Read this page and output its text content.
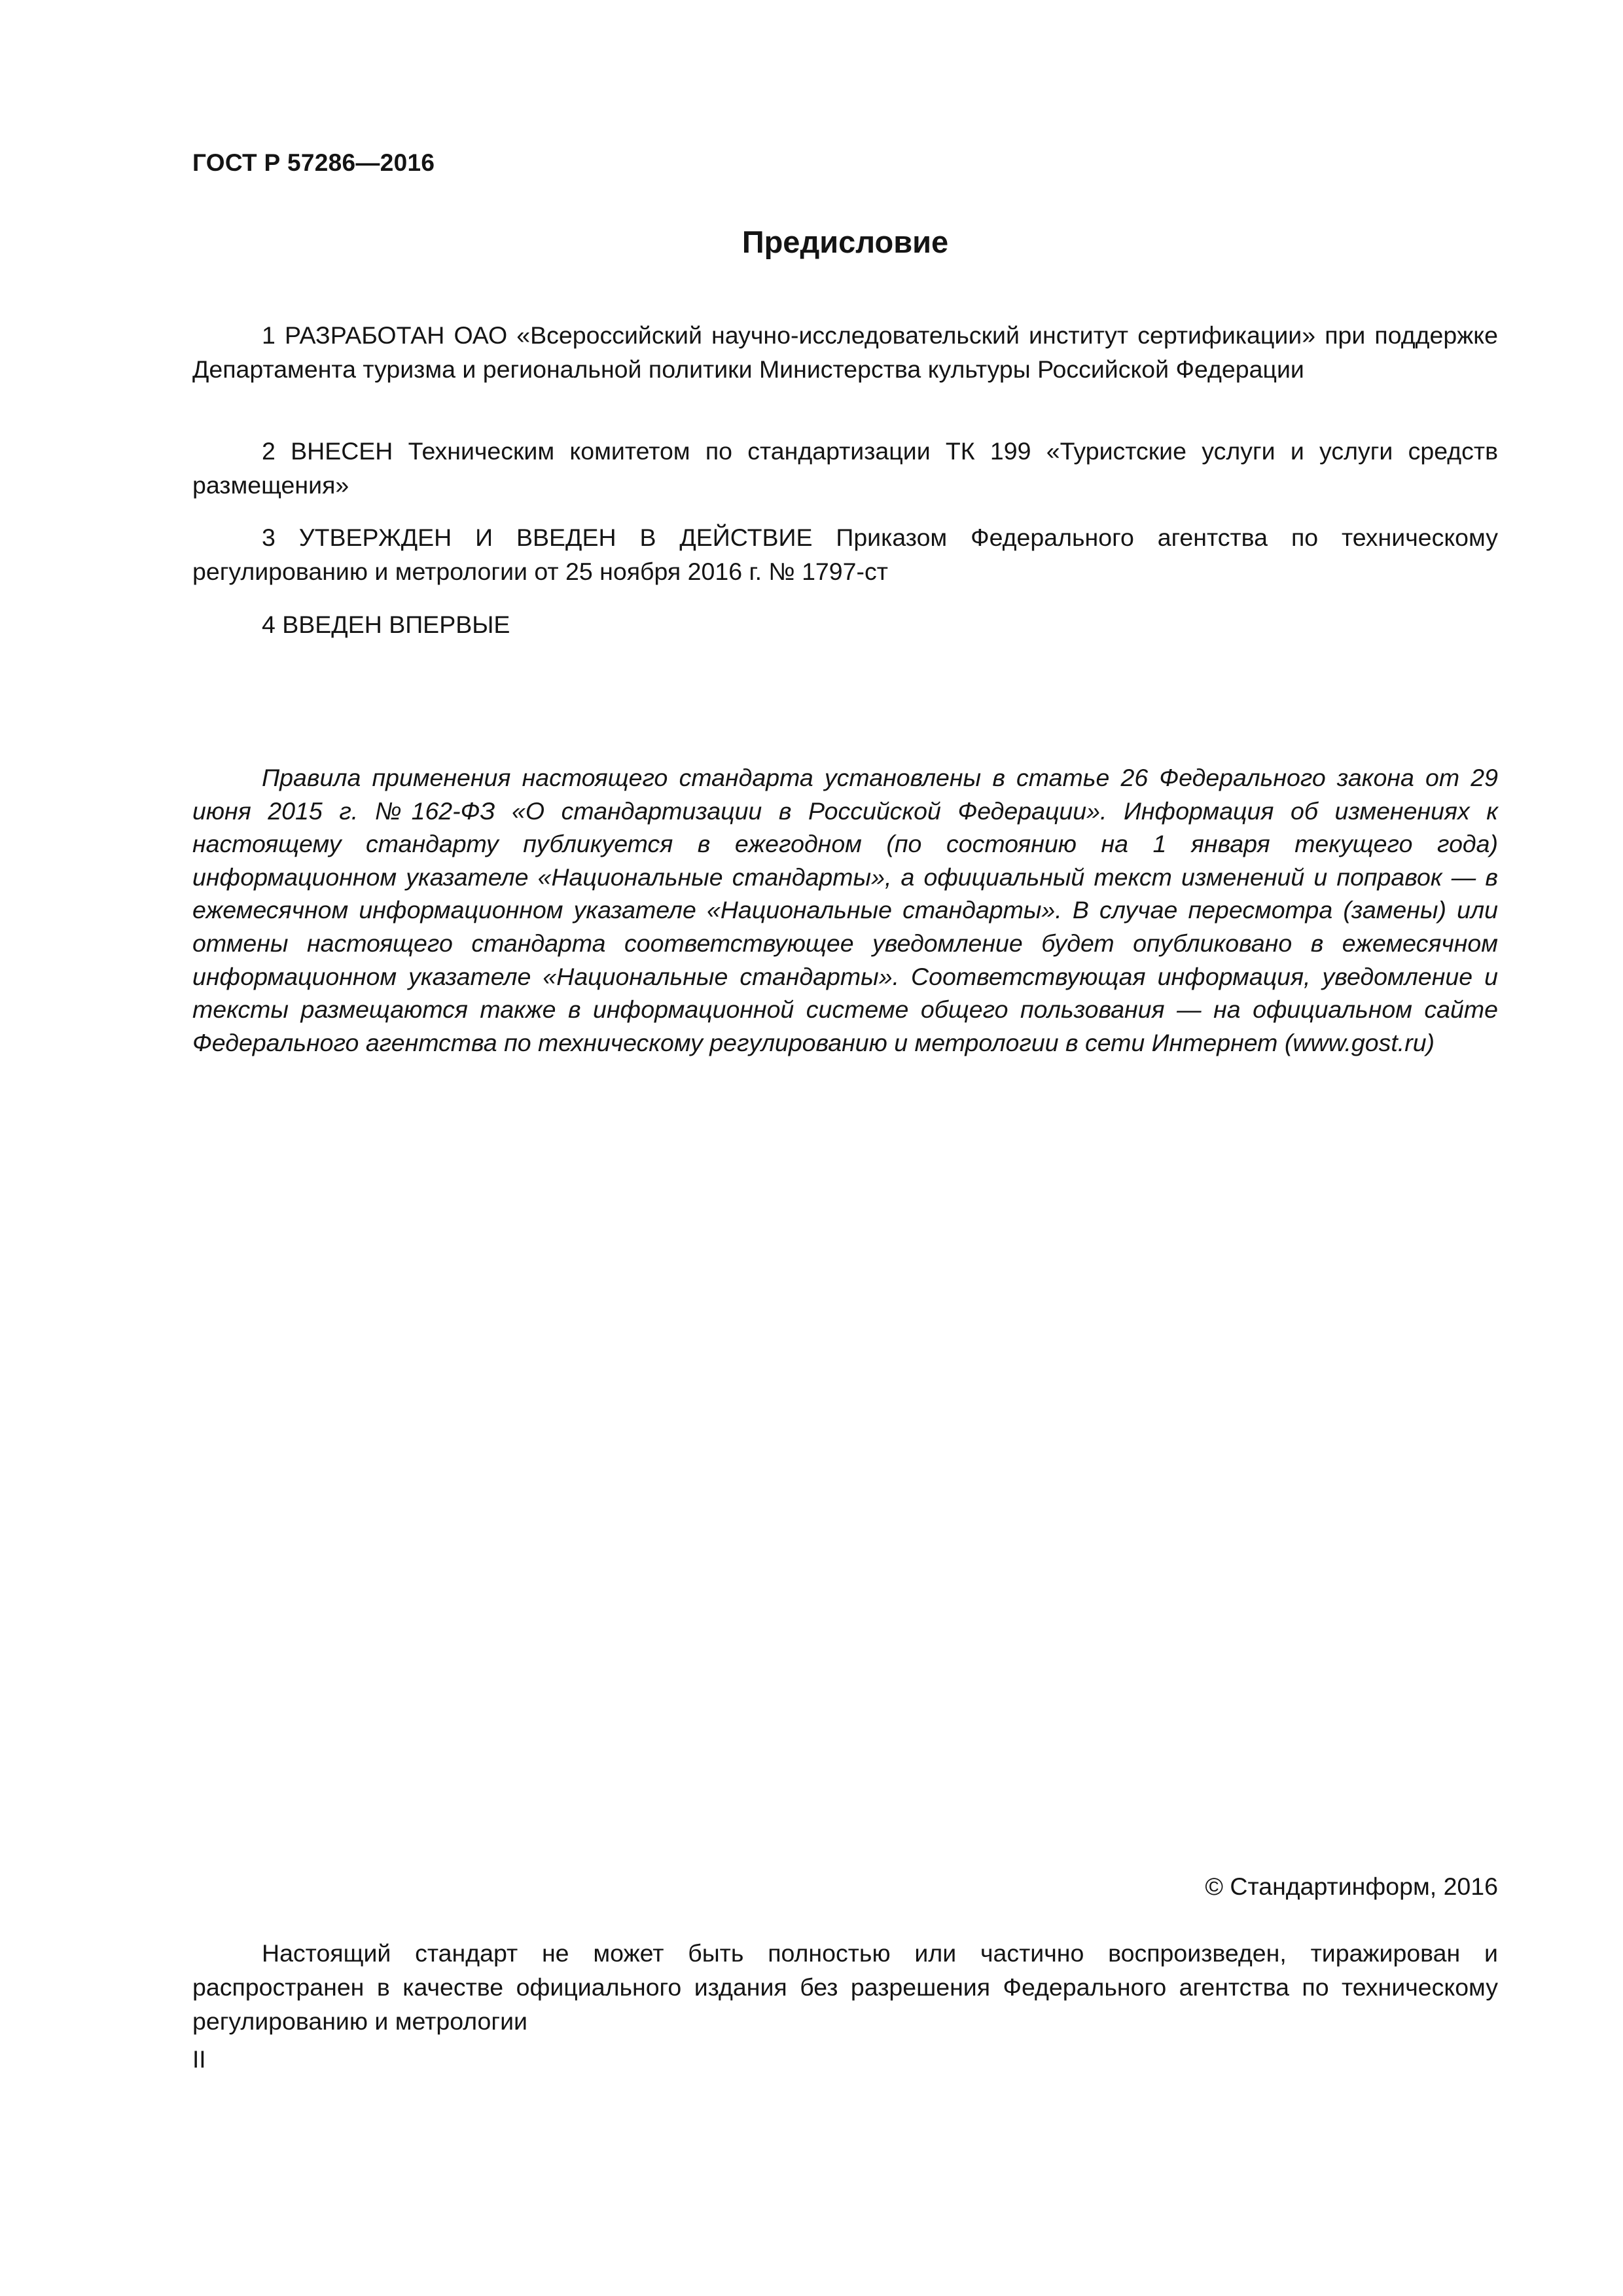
ГОСТ Р 57286—2016
Предисловие

1 РАЗРАБОТАН ОАО «Всероссийский научно-исследовательский институт сертификации» при поддержке Департамента туризма и региональной политики Министерства культуры Российской Федерации

2 ВНЕСЕН Техническим комитетом по стандартизации ТК 199 «Туристские услуги и услуги средств размещения»

3 УТВЕРЖДЕН И ВВЕДЕН В ДЕЙСТВИЕ Приказом Федерального агентства по техническому регулированию и метрологии от 25 ноября 2016 г. № 1797-ст

4 ВВЕДЕН ВПЕРВЫЕ

Правила применения настоящего стандарта установлены в статье 26 Федерального закона от 29 июня 2015 г. №162-ФЗ «О стандартизации в Российской Федерации». Информация об изменениях к настоящему стандарту публикуется в ежегодном (по состоянию на 1 января текущего года) информационном указателе «Национальные стандарты», а официальный текст изменений и поправок — в ежемесячном информационном указателе «Национальные стандарты». В случае пересмотра (замены) или отмены настоящего стандарта соответствующее уведомление будет опубликовано в ежемесячном информационном указателе «Национальные стандарты». Соответствующая информация, уведомление и тексты размещаются также в информационной системе общего пользования — на официальном сайте Федерального агентства по техническому регулированию и метрологии в сети Интернет (www.gost.ru)

© Стандартинформ, 2016

Настоящий стандарт не может быть полностью или частично воспроизведен, тиражирован и распространен в качестве официального издания без разрешения Федерального агентства по техническому регулированию и метрологии

II
